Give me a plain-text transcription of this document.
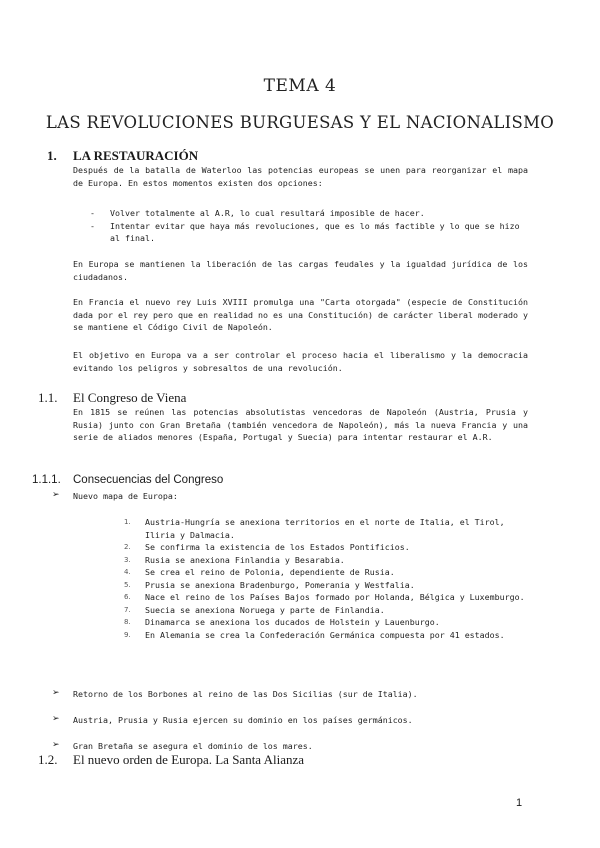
TEMA 4
LAS REVOLUCIONES BURGUESAS Y EL NACIONALISMO
1. LA RESTAURACIÓN

Después de la batalla de Waterloo las potencias europeas se unen para reorganizar el mapa de Europa. En estos momentos existen dos opciones:

- Volver totalmente al A.R, lo cual resultará imposible de hacer.
- Intentar evitar que haya más revoluciones, que es lo más factible y lo que se hizo al final.

En Europa se mantienen la liberación de las cargas feudales y la igualdad jurídica de los ciudadanos.

En Francia el nuevo rey Luis XVIII promulga una "Carta otorgada" (especie de Constitución dada por el rey pero que en realidad no es una Constitución) de carácter liberal moderado y se mantiene el Código Civil de Napoleón.

El objetivo en Europa va a ser controlar el proceso hacia el liberalismo y la democracia evitando los peligros y sobresaltos de una revolución.

1.1. El Congreso de Viena

En 1815 se reúnen las potencias absolutistas vencedoras de Napoleón (Austria, Prusia y Rusia) junto con Gran Bretaña (también vencedora de Napoleón), más la nueva Francia y una serie de aliados menores (España, Portugal y Suecia) para intentar restaurar el A.R.

1.1.1. Consecuencias del Congreso
➢ Nuevo mapa de Europa:
1. Austria-Hungría se anexiona territorios en el norte de Italia, el Tirol, Iliria y Dalmacia.
2. Se confirma la existencia de los Estados Pontificios.
3. Rusia se anexiona Finlandia y Besarabia.
4. Se crea el reino de Polonia, dependiente de Rusia.
5. Prusia se anexiona Bradenburgo, Pomerania y Westfalia.
6. Nace el reino de los Países Bajos formado por Holanda, Bélgica y Luxemburgo.
7. Suecia se anexiona Noruega y parte de Finlandia.
8. Dinamarca se anexiona los ducados de Holstein y Lauenburgo.
9. En Alemania se crea la Confederación Germánica compuesta por 41 estados.
➢ Retorno de los Borbones al reino de las Dos Sicilias (sur de Italia).
➢ Austria, Prusia y Rusia ejercen su dominio en los países germánicos.
➢ Gran Bretaña se asegura el dominio de los mares.
1.2. El nuevo orden de Europa. La Santa Alianza
1
